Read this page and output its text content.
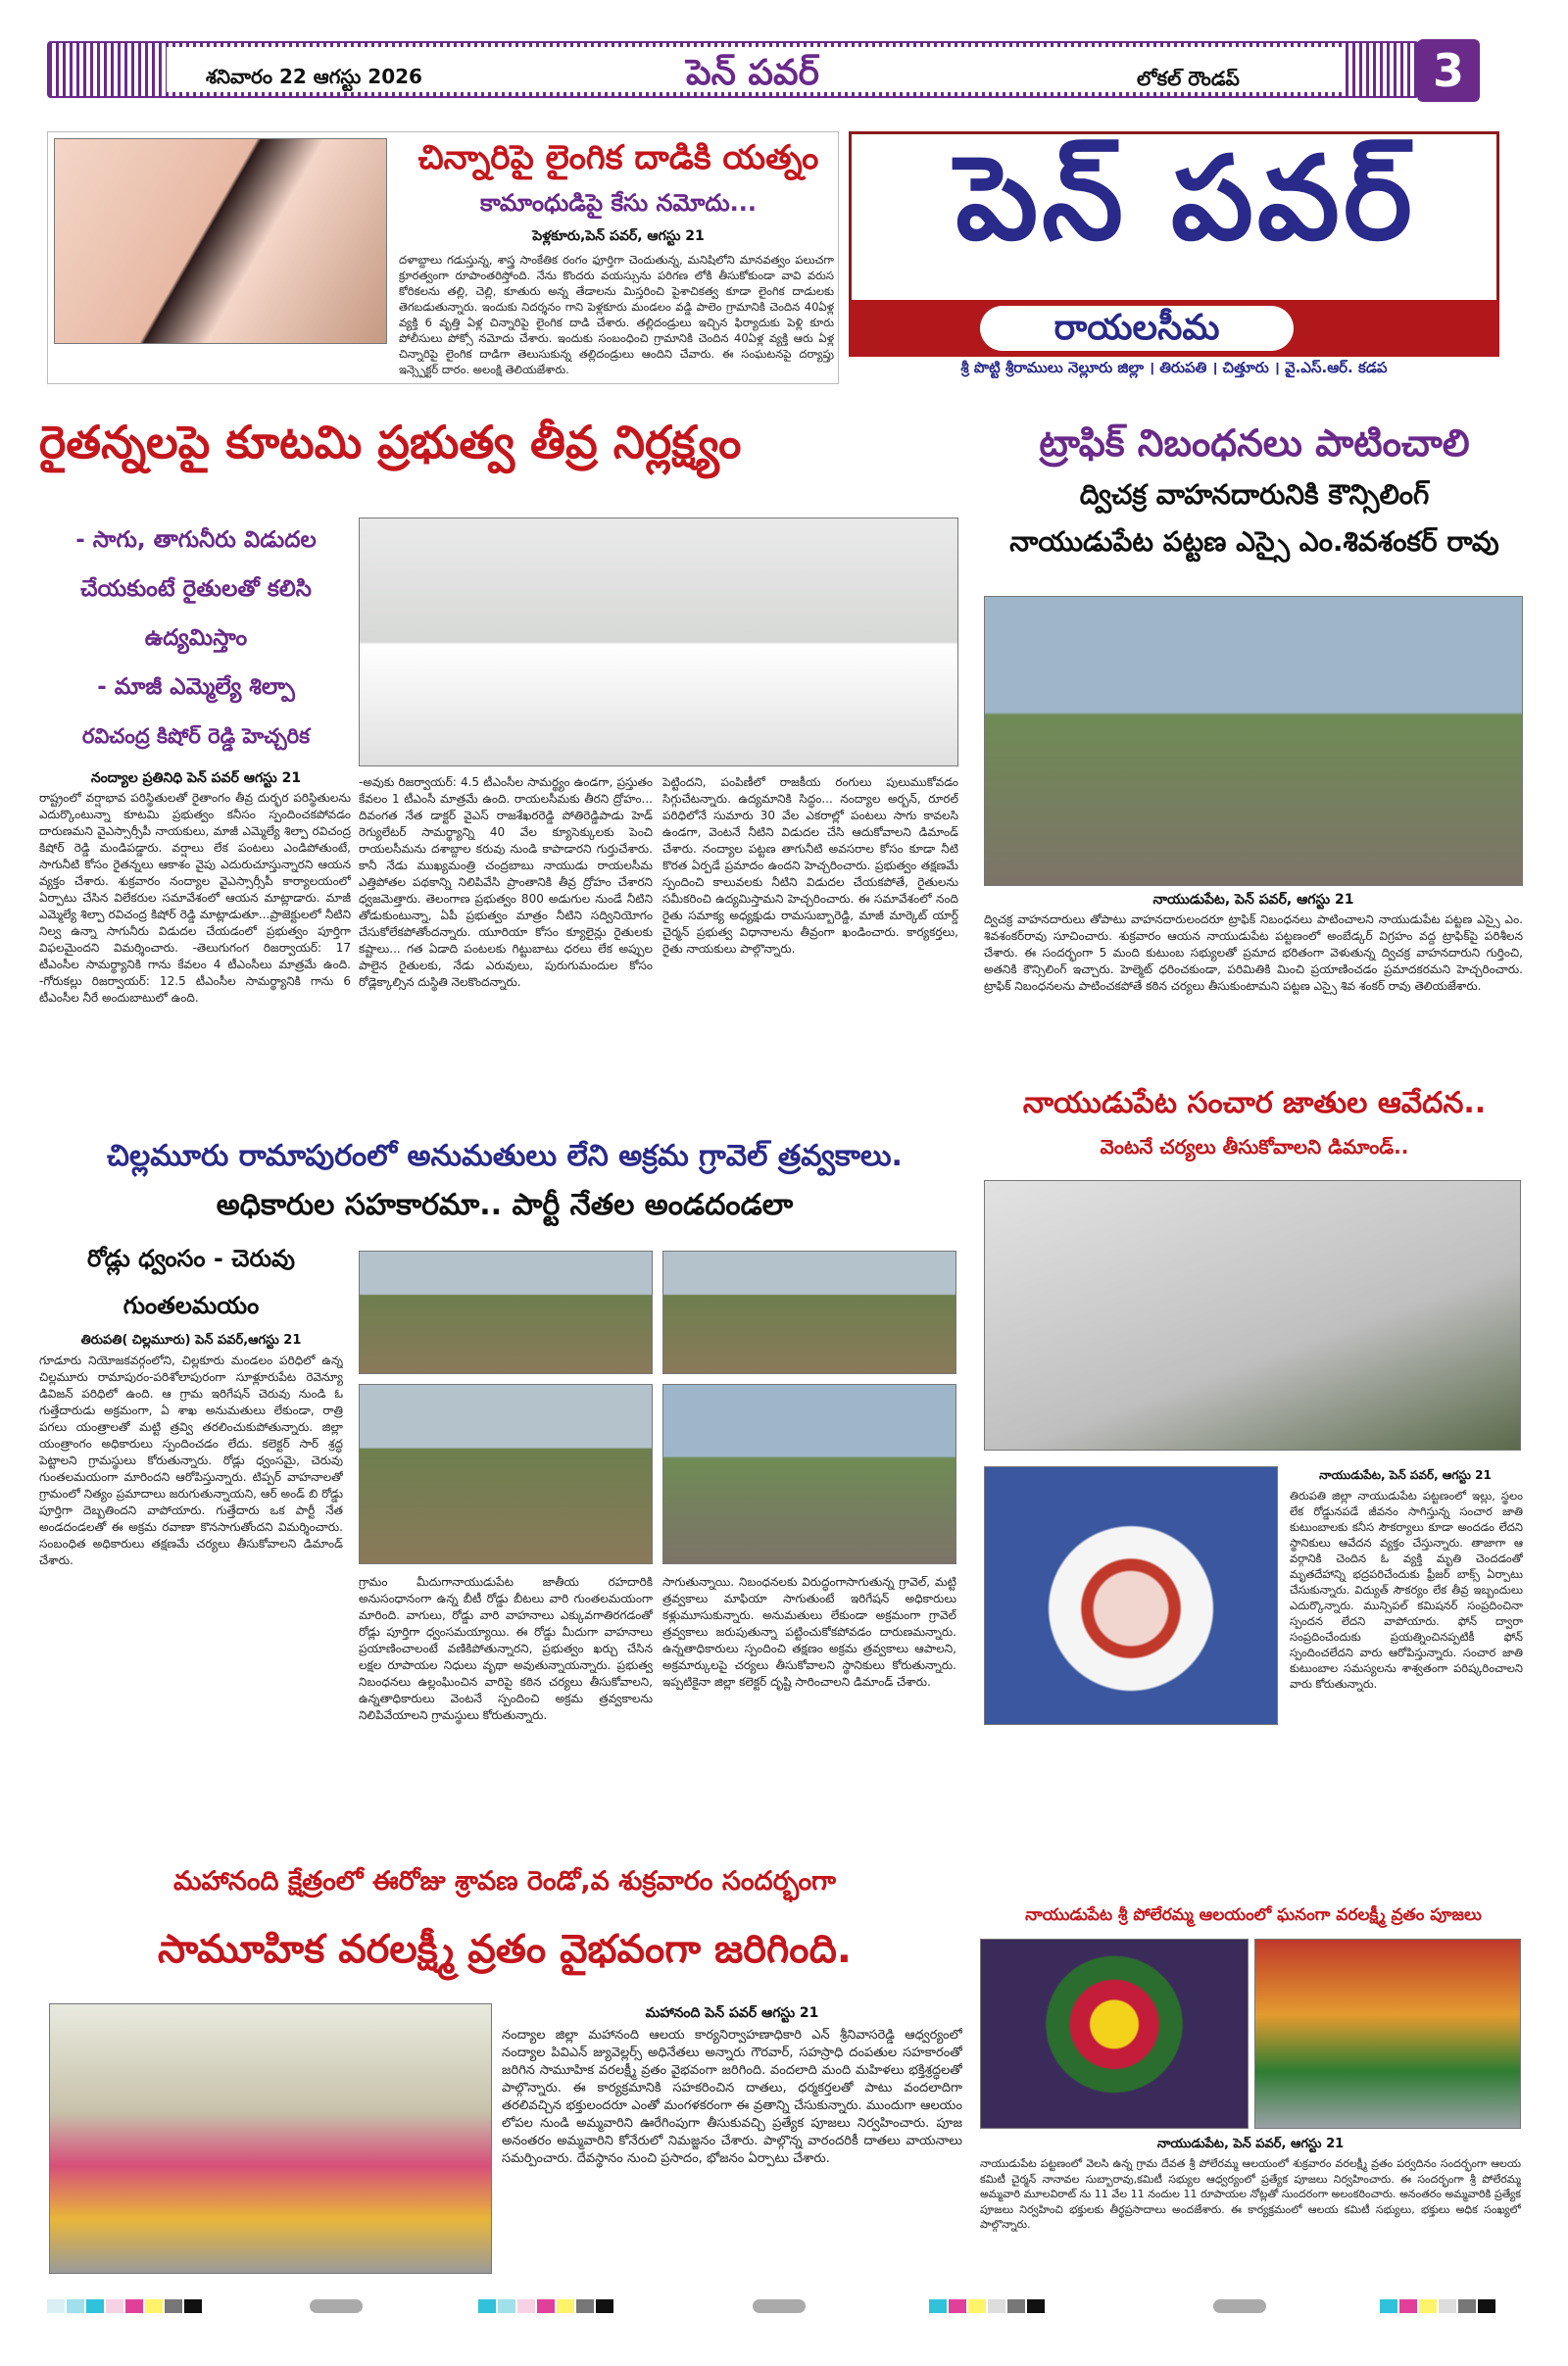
శనివారం 22 ఆగస్టు 2026	పెన్ పవర్	లోకల్ రౌండప్	3
చిన్నారిపై లైంగిక దాడికి యత్నం
కామాంధుడిపై కేసు నమోదు...
పెళ్లకూరు,పెన్ పవర్, ఆగస్టు 21
దళాబ్దాలు గడుస్తున్న, శాస్త్ర సాంకేతిక రంగం ఫూర్తిగా చెందుతున్న, మనిషిలోని మానవత్వం పలుచగా క్రూరత్వంగా రూపాంతరిస్తోంది. నేను కొందరు వయస్సును పరిగణ లోకి తీసుకోకుండా వావి వరుస కోరికలను తల్లి, చెల్లి, కూతురు అన్న తేడాలను మిస్తరించి పైశాచికత్వ కూడా లైంగిక దాడులకు తెగబడుతున్నారు. ఇందుకు నిదర్శనం గాని పెళ్లకూరు మండలం వడ్డి పాలెం గ్రామానికి చెందిన 40ఏళ్ల వ్యక్తి 6 వృత్తి ఏళ్ల చిన్నారిపై లైంగిక దాడి చేశారు. తల్లిదండ్రులు ఇచ్చిన ఫిర్యాదుకు పెళ్లి కూరు పోలీసులు పోక్సో నమోదు చేశారు. ఇందుకు సంబంధించి గ్రామానికి చెందిన 40ఏళ్ల వ్యక్తి ఆరు ఏళ్ల చిన్నారిపై లైంగిక దాడిగా తెలుసుకున్న తల్లిదండ్రులు ఆందిని చేవారు. ఈ సంఘటనపై దర్యాప్తు ఇన్స్పెక్టర్ దారం. అలంక్షి తెలియజేశారు.
పెన్ పవర్
రాయలసీమ
శ్రీ పొట్టి శ్రీరాములు నెల్లూరు జిల్లా । తిరుపతి । చిత్తూరు । వై.ఎస్.ఆర్. కడప
రైతన్నలపై కూటమి ప్రభుత్వ తీవ్ర నిర్లక్ష్యం
- సాగు, తాగునీరు విడుదల
చేయకుంటే రైతులతో కలిసి
ఉద్యమిస్తాం
- మాజీ ఎమ్మెల్యే శిల్పా
రవిచంద్ర కిషోర్ రెడ్డి హెచ్చరిక
నంద్యాల ప్రతినిధి పెన్ పవర్ ఆగస్టు 21
రాష్ట్రంలో వర్షాభావ పరిస్థితులతో రైతాంగం తీవ్ర దుర్భర పరిస్థితులను ఎదుర్కొంటున్నా కూటమి ప్రభుత్వం కనీసం స్పందించకపోవడం దారుణమని వైఎస్సార్సీపీ నాయకులు, మాజీ ఎమ్మెల్యే శిల్పా రవిచంద్ర కిషోర్ రెడ్డి మండిపడ్డారు. వర్షాలు లేక పంటలు ఎండిపోతుంటే, సాగునీటి కోసం రైతన్నలు ఆకాశం వైపు ఎదురుచూస్తున్నారని ఆయన వ్యక్తం చేశారు. శుక్రవారం నంద్యాల వైఎస్సార్సీపీ కార్యాలయంలో ఏర్పాటు చేసిన విలేకరుల సమావేశంలో ఆయన మాట్లాడారు. మాజీ ఎమ్మెల్యే శిల్పా రవిచంద్ర కిషోర్ రెడ్డి మాట్లాడుతూ...ప్రాజెక్టులలో నీటిని నిల్వ ఉన్నా సాగునీరు విడుదల చేయడంలో ప్రభుత్వం పూర్తిగా విఫలమైందని విమర్శించారు. -తెలుగుగంగ రిజర్వాయర్: 17 టీఎంసీల సామర్థ్యానికి గాను కేవలం 4 టీఎంసీలు మాత్రమే ఉంది. -గోరుకల్లు రిజర్వాయర్: 12.5 టీఎంసీల సామర్థ్యానికి గాను 6 టీఎంసీల నీరే అందుబాటులో ఉంది.
-అవుకు రిజర్వాయర్: 4.5 టీఎంసీల సామర్థ్యం ఉండగా, ప్రస్తుతం కేవలం 1 టీఎంసీ మాత్రమే ఉంది. రాయలసీమకు తీరని ద్రోహం... దివంగత నేత డాక్టర్ వైఎస్ రాజశేఖరరెడ్డి పోతిరెడ్డిపాడు హెడ్ రెగ్యులేటర్ సామర్థ్యాన్ని 40 వేల క్యూసెక్కులకు పెంచి రాయలసీమను దశాబ్దాల కరువు నుండి కాపాడారని గుర్తుచేశారు. కానీ నేడు ముఖ్యమంత్రి చంద్రబాబు నాయుడు రాయలసీమ ఎత్తిపోతల పథకాన్ని నిలిపివేసి ప్రాంతానికి తీవ్ర ద్రోహం చేశారని ధ్వజమెత్తారు. తెలంగాణ ప్రభుత్వం 800 అడుగుల నుండే నీటిని తోడుకుంటున్నా, ఏపీ ప్రభుత్వం మాత్రం నీటిని సద్వినియోగం చేసుకోలేకపోతోందన్నారు. యూరియా కోసం క్యూలైన్లు రైతులకు కష్టాలు... గత ఏడాది పంటలకు గిట్టుబాటు ధరలు లేక అప్పుల పాలైన రైతులకు, నేడు ఎరువులు, పురుగుమందుల కోసం రోడ్లెక్కాల్సిన దుస్థితి నెలకొందన్నారు.
పెట్టిందని, పంపిణీలో రాజకీయ రంగులు పులుముకోవడం సిగ్గుచేటన్నారు. ఉద్యమానికి సిద్ధం... నంద్యాల అర్బన్, రూరల్ పరిధిలోనే సుమారు 30 వేల ఎకరాల్లో పంటలు సాగు కావలసి ఉండగా, వెంటనే నీటిని విడుదల చేసి ఆదుకోవాలని డిమాండ్ చేశారు. నంద్యాల పట్టణ తాగునీటి అవసరాల కోసం కూడా నీటి కొరత ఏర్పడే ప్రమాదం ఉందని హెచ్చరించారు. ప్రభుత్వం తక్షణమే స్పందించి కాలువలకు నీటిని విడుదల చేయకపోతే, రైతులను సమీకరించి ఉద్యమిస్తామని హెచ్చరించారు. ఈ సమావేశంలో నంది రైతు సమాక్య అధ్యక్షుడు రామసుబ్బారెడ్డి, మాజీ మార్కెట్ యార్డ్ చైర్మన్ ప్రభుత్వ విధానాలను తీవ్రంగా ఖండించారు. కార్యకర్తలు, రైతు నాయకులు పాల్గొన్నారు.
ట్రాఫిక్ నిబంధనలు పాటించాలి
ద్విచక్ర వాహనదారునికి కౌన్సిలింగ్
నాయుడుపేట పట్టణ ఎస్సై ఎం.శివశంకర్ రావు
నాయుడుపేట, పెన్ పవర్, ఆగస్టు 21
ద్విచక్ర వాహనదారులు తోపాటు వాహనదారులందరూ ట్రాఫిక్ నిబంధనలు పాటించాలని నాయుడుపేట పట్టణ ఎస్సై ఎం. శివశంకర్‌రావు సూచించారు. శుక్రవారం ఆయన నాయుడుపేట పట్టణంలో అంబేడ్కర్ విగ్రహం వద్ద ట్రాఫిక్‌పై పరిశీలన చేశారు. ఈ సందర్భంగా 5 మంది కుటుంబ సభ్యులతో ప్రమాద భరితంగా వెళుతున్న ద్విచక్ర వాహనదారుని గుర్తించి, అతనికి కౌన్సిలింగ్ ఇచ్చారు. హెల్మెట్ ధరించకుండా, పరిమితికి మించి ప్రయాణించడం ప్రమాదకరమని హెచ్చరించారు. ట్రాఫిక్ నిబంధనలను పాటించకపోతే కఠిన చర్యలు తీసుకుంటామని పట్టణ ఎస్సై శివ శంకర్ రావు తెలియజేశారు.
నాయుడుపేట సంచార జాతుల ఆవేదన..
వెంటనే చర్యలు తీసుకోవాలని డిమాండ్..
నాయుడుపేట, పెన్ పవర్, ఆగస్టు 21
తిరుపతి జిల్లా నాయుడుపేట పట్టణంలో ఇల్లు, స్థలం లేక రోడ్డునపడే జీవనం సాగిస్తున్న సంచార జాతి కుటుంబాలకు కనీస సౌకర్యాలు కూడా అందడం లేదని స్థానికులు ఆవేదన వ్యక్తం చేస్తున్నారు. తాజాగా ఆ వర్గానికి చెందిన ఓ వ్యక్తి మృతి చెందడంతో మృతదేహాన్ని భద్రపరిచేందుకు ఫ్రీజర్ బాక్స్ ఏర్పాటు చేసుకున్నారు. విద్యుత్ సౌకర్యం లేక తీవ్ర ఇబ్బందులు ఎదుర్కొన్నారు. మున్సిపల్ కమిషనర్ సంప్రదించినా స్పందన లేదని వాపోయారు. ఫోన్ ద్వారా సంప్రదించేందుకు ప్రయత్నించినప్పటికీ ఫోన్ స్పందించలేదని వారు ఆరోపిస్తున్నారు. సంచార జాతి కుటుంబాల సమస్యలను శాశ్వతంగా పరిష్కరించాలని వారు కోరుతున్నారు.
చిల్లమూరు రామాపురంలో అనుమతులు లేని అక్రమ గ్రావెల్ త్రవ్వకాలు.
అధికారుల సహకారమా.. పార్టీ నేతల అండదండలా
రోడ్లు ధ్వంసం - చెరువు
గుంతలమయం
తిరుపతి( చిల్లమూరు) పెన్ పవర్,ఆగస్టు 21
గూడూరు నియోజకవర్గంలోని, చిల్లకూరు మండలం పరిధిలో ఉన్న చిల్లమూరు రామాపురం-పరిశోలాపురంగా సూళ్లూరుపేట రెవెన్యూ డివిజన్ పరిధిలో ఉంది. ఆ గ్రామ ఇరిగేషన్ చెరువు నుండి ఓ గుత్తేదారుడు అక్రమంగా, ఏ శాఖ అనుమతులు లేకుండా, రాత్రి పగలు యంత్రాలతో మట్టి త్రవ్వి తరలించుకుపోతున్నారు. జిల్లా యంత్రాంగం అధికారులు స్పందించడం లేదు. కలెక్టర్ సార్ శ్రద్ధ పెట్టాలని గ్రామస్థులు కోరుతున్నారు. రోడ్లు ధ్వంసమై, చెరువు గుంతలమయంగా మారిందని ఆరోపిస్తున్నారు. టిప్పర్ వాహనాలతో గ్రామంలో నిత్యం ప్రమాదాలు జరుగుతున్నాయని, ఆర్ అండ్ బి రోడ్డు పూర్తిగా దెబ్బతిందని వాపోయారు. గుత్తేదారు ఒక పార్టీ నేత అండదండలతో ఈ అక్రమ రవాణా కొనసాగుతోందని విమర్శించారు. సంబంధిత అధికారులు తక్షణమే చర్యలు తీసుకోవాలని డిమాండ్ చేశారు.
గ్రామం మీదుగానాయుడుపేట జాతీయ రహదారికి అనుసంధానంగా ఉన్న బీటీ రోడ్డు బీటలు వారి గుంతలమయంగా మారింది. వాగులు, రోడ్డు వారి వాహనాలు ఎక్కువగాతిరగడంతో రోడ్లు పూర్తిగా ధ్వంసమయ్యాయి. ఈ రోడ్డు మీదుగా వాహనాలు ప్రయాణించాలంటే వణికిపోతున్నారని, ప్రభుత్వం ఖర్చు చేసిన లక్షల రూపాయల నిధులు వృథా అవుతున్నాయన్నారు. ప్రభుత్వ నిబంధనలు ఉల్లంఘించిన వారిపై కఠిన చర్యలు తీసుకోవాలని, ఉన్నతాధికారులు వెంటనే స్పందించి అక్రమ త్రవ్వకాలను నిలిపివేయాలని గ్రామస్థులు కోరుతున్నారు.
సాగుతున్నాయి. నిబంధనలకు విరుద్ధంగాసాగుతున్న గ్రావెల్, మట్టి త్రవ్వకాలు మాఫియా సాగుతుంటే ఇరిగేషన్ అధికారులు కళ్లుమూసుకున్నారు. అనుమతులు లేకుండా అక్రమంగా గ్రావెల్ త్రవ్వకాలు జరుపుతున్నా పట్టించుకోకపోవడం దారుణమన్నారు. ఉన్నతాధికారులు స్పందించి తక్షణం అక్రమ త్రవ్వకాలు ఆపాలని, అక్రమార్కులపై చర్యలు తీసుకోవాలని స్థానికులు కోరుతున్నారు. ఇప్పటికైనా జిల్లా కలెక్టర్ దృష్టి సారించాలని డిమాండ్ చేశారు.
మహానంది క్షేత్రంలో ఈరోజు శ్రావణ రెండో,వ శుక్రవారం సందర్భంగా
సామూహిక వరలక్ష్మీ వ్రతం వైభవంగా జరిగింది.
మహానంది పెన్ పవర్ ఆగస్టు 21
నంద్యాల జిల్లా మహానంది ఆలయ కార్యనిర్వాహణాధికారి ఎన్ శ్రీనివాసరెడ్డి ఆధ్వర్యంలో నంద్యాల పివిఎన్ జ్యువెల్లర్స్ అధినేతలు అన్నారు గౌరవార్, సహస్రాధి దంపతుల సహకారంతో జరిగిన సామూహిక వరలక్ష్మీ వ్రతం వైభవంగా జరిగింది. వందలాది మంది మహిళలు భక్తిశ్రద్ధలతో పాల్గొన్నారు. ఈ కార్యక్రమానికి సహకరించిన దాతలు, ధర్మకర్తలతో పాటు వందలాదిగా తరలివచ్చిన భక్తులందరూ ఎంతో మంగళకరంగా ఈ వ్రతాన్ని చేసుకున్నారు. ముందుగా ఆలయం లోపల నుండి అమ్మవారిని ఊరేగింపుగా తీసుకువచ్చి ప్రత్యేక పూజలు నిర్వహించారు. పూజ అనంతరం అమ్మవారిని కోనేరులో నిమజ్జనం చేశారు. పాల్గొన్న వారందరికీ దాతలు వాయనాలు సమర్పించారు. దేవస్థానం నుంచి ప్రసాదం, భోజనం ఏర్పాటు చేశారు.
నాయుడుపేట శ్రీ పోలేరమ్మ ఆలయంలో ఘనంగా వరలక్ష్మీ వ్రతం పూజలు
నాయుడుపేట, పెన్ పవర్, ఆగస్టు 21
నాయుడుపేట పట్టణంలో వెలసి ఉన్న గ్రామ దేవత శ్రీ పోలేరమ్మ ఆలయంలో శుక్రవారం వరలక్ష్మీ వ్రతం పర్వదినం సందర్భంగా ఆలయ కమిటీ చైర్మన్ నానావల సుబ్బారావు,కమిటీ సభ్యుల ఆధ్వర్యంలో ప్రత్యేక పూజలు నిర్వహించారు. ఈ సందర్భంగా శ్రీ పోలేరమ్మ అమ్మవారి మూలవిరాట్ ను 11 వేల 11 నందుల 11 రూపాయల నోట్లతో సుందరంగా అలంకరించారు. అనంతరం అమ్మవారికి ప్రత్యేక పూజలు నిర్వహించి భక్తులకు తీర్థప్రసాదాలు అందజేశారు. ఈ కార్యక్రమంలో ఆలయ కమిటీ సభ్యులు, భక్తులు అధిక సంఖ్యలో పాల్గొన్నారు.
